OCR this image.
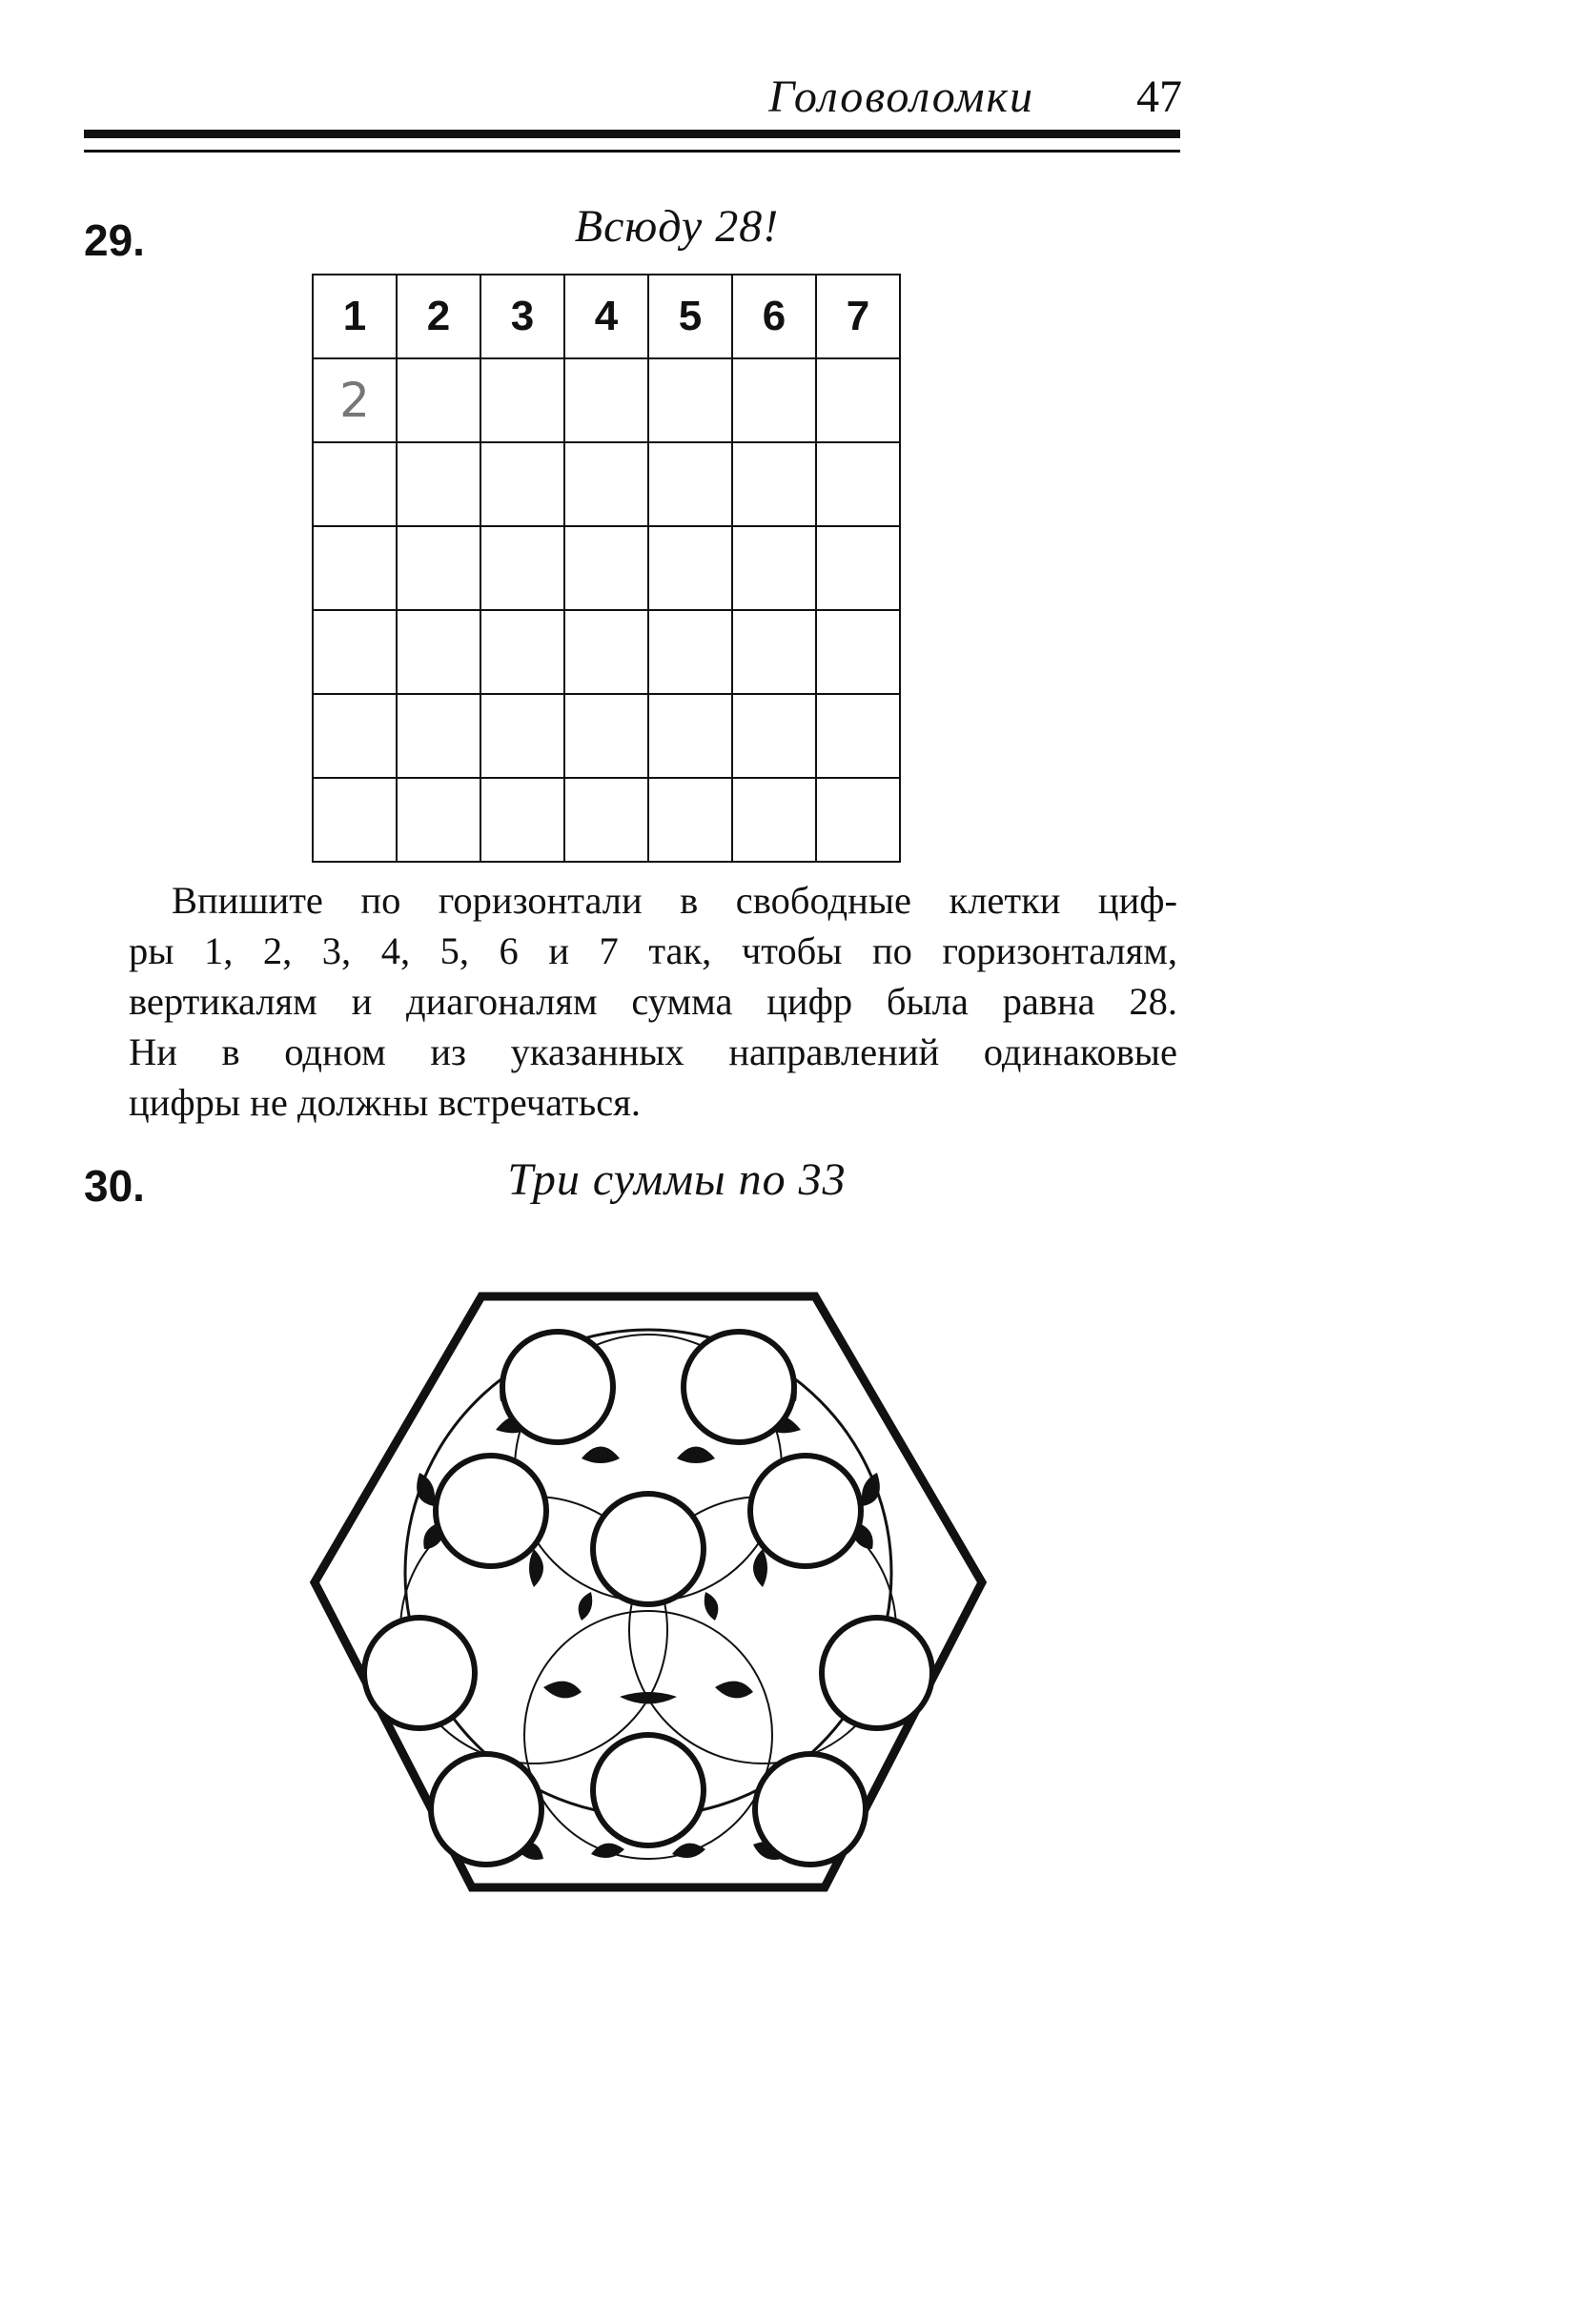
Головоломки 47
29.	Всюду 28!
1	2	3	4	5	6	7
2						

Впишите по горизонтали в свободные клетки циф-
ры 1, 2, 3, 4, 5, 6 и 7 так, чтобы по горизонталям,
вертикалям и диагоналям сумма цифр была равна 28.
Ни в одном из указанных направлений одинаковые
цифры не должны встречаться.
30.	Три суммы по 33
